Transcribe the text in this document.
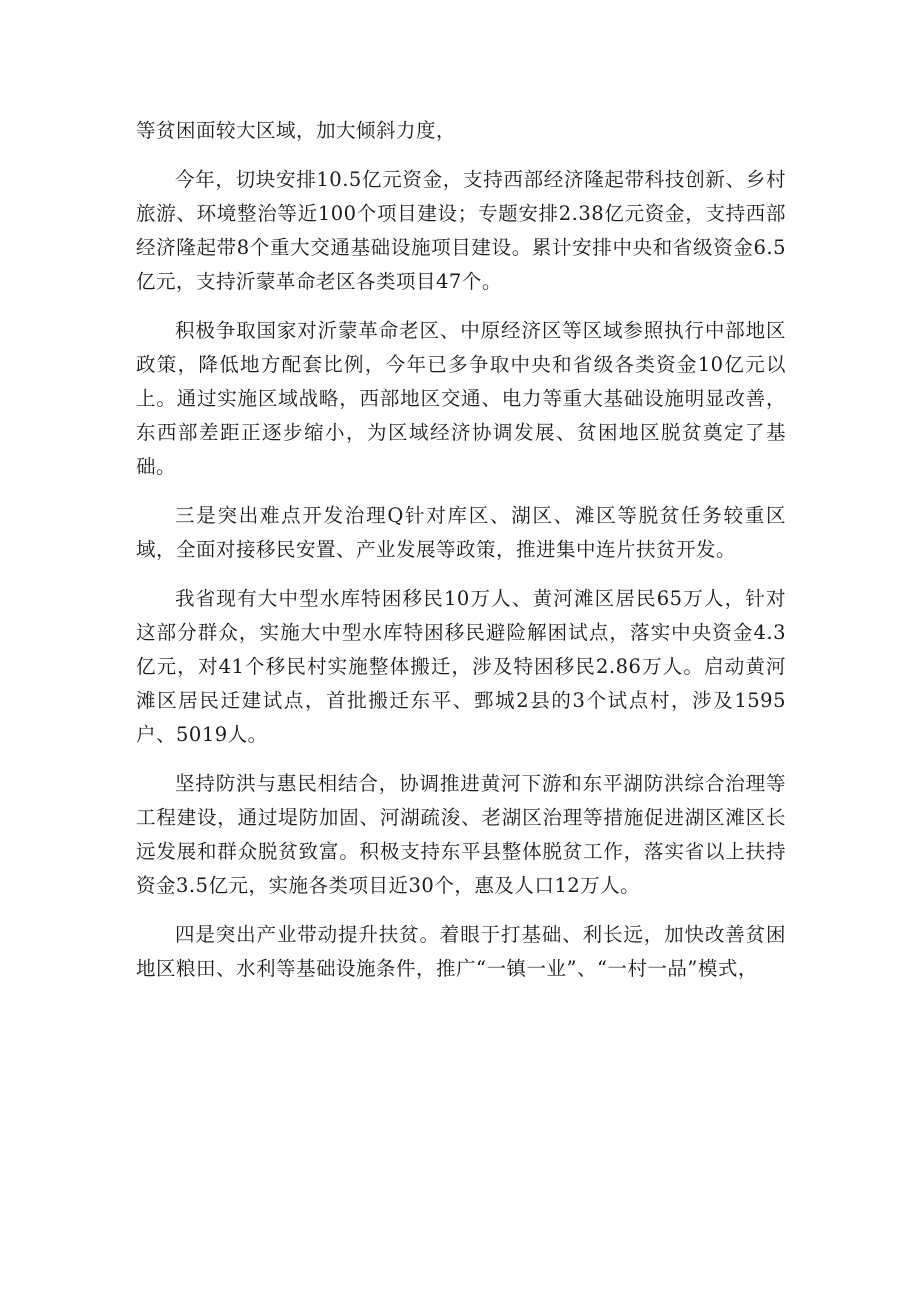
等贫困面较大区域，加大倾斜力度，

今年，切块安排10.5亿元资金，支持西部经济隆起带科技创新、乡村旅游、环境整治等近100个项目建设；专题安排2.38亿元资金，支持西部经济隆起带8个重大交通基础设施项目建设。累计安排中央和省级资金6.5亿元，支持沂蒙革命老区各类项目47个。

积极争取国家对沂蒙革命老区、中原经济区等区域参照执行中部地区政策，降低地方配套比例，今年已多争取中央和省级各类资金10亿元以上。通过实施区域战略，西部地区交通、电力等重大基础设施明显改善，东西部差距正逐步缩小，为区域经济协调发展、贫困地区脱贫奠定了基础。

三是突出难点开发治理Q针对库区、湖区、滩区等脱贫任务较重区域，全面对接移民安置、产业发展等政策，推进集中连片扶贫开发。

我省现有大中型水库特困移民10万人、黄河滩区居民65万人，针对这部分群众，实施大中型水库特困移民避险解困试点，落实中央资金4.3亿元，对41个移民村实施整体搬迁，涉及特困移民2.86万人。启动黄河滩区居民迁建试点，首批搬迁东平、鄄城2县的3个试点村，涉及1595户、5019人。

坚持防洪与惠民相结合，协调推进黄河下游和东平湖防洪综合治理等工程建设，通过堤防加固、河湖疏浚、老湖区治理等措施促进湖区滩区长远发展和群众脱贫致富。积极支持东平县整体脱贫工作，落实省以上扶持资金3.5亿元，实施各类项目近30个，惠及人口12万人。

四是突出产业带动提升扶贫。着眼于打基础、利长远，加快改善贫困地区粮田、水利等基础设施条件，推广“一镇一业”、“一村一品”模式，
